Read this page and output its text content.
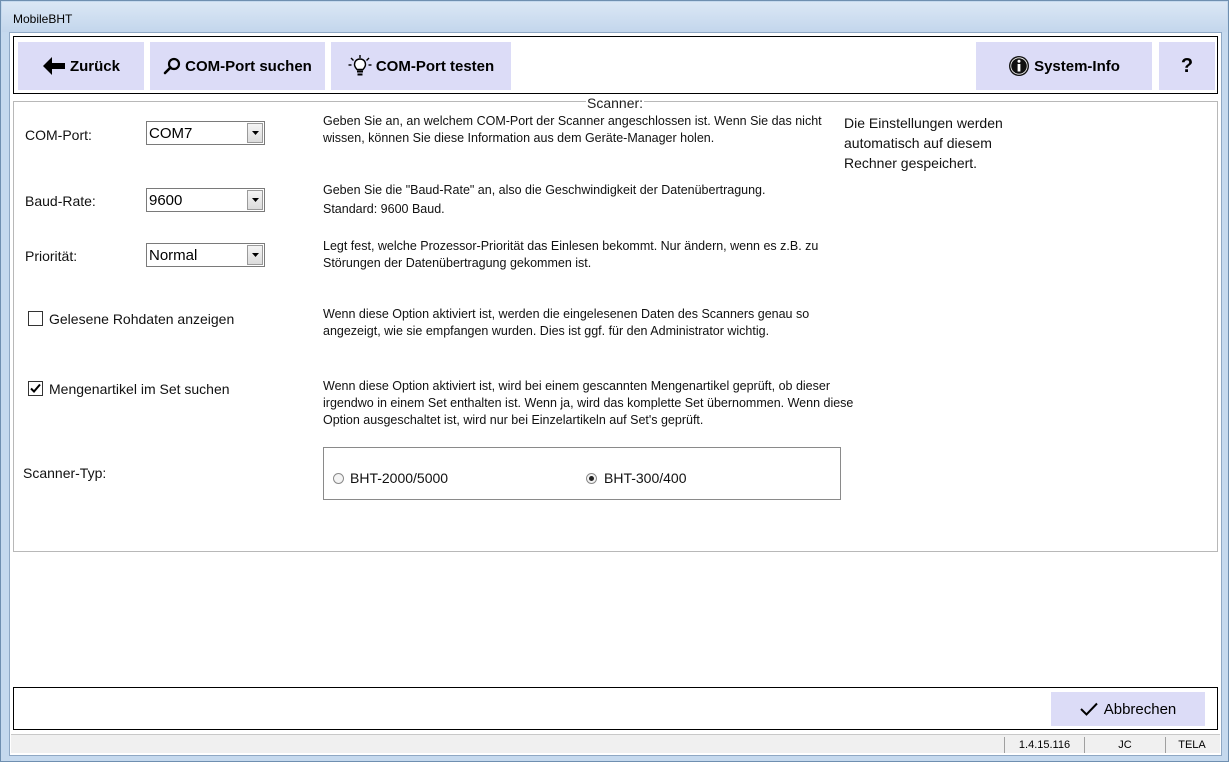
MobileBHT
Zurück	COM-Port suchen	COM-Port testen	System-Info	?
Scanner:
COM-Port:	COM7
Geben Sie an, an welchem COM-Port der Scanner angeschlossen ist. Wenn Sie das nicht wissen, können Sie diese Information aus dem Geräte-Manager holen.
Baud-Rate:	9600
Geben Sie die "Baud-Rate" an, also die Geschwindigkeit der Datenübertragung.
Standard: 9600 Baud.
Priorität:	Normal
Legt fest, welche Prozessor-Priorität das Einlesen bekommt. Nur ändern, wenn es z.B. zu Störungen der Datenübertragung gekommen ist.
Gelesene Rohdaten anzeigen	Wenn diese Option aktiviert ist, werden die eingelesenen Daten des Scanners genau so angezeigt, wie sie empfangen wurden. Dies ist ggf. für den Administrator wichtig.
Mengenartikel im Set suchen	Wenn diese Option aktiviert ist, wird bei einem gescannten Mengenartikel geprüft, ob dieser irgendwo in einem Set enthalten ist. Wenn ja, wird das komplette Set übernommen. Wenn diese Option ausgeschaltet ist, wird nur bei Einzelartikeln auf Set's geprüft.
Scanner-Typ:	BHT-2000/5000	BHT-300/400
Die Einstellungen werden automatisch auf diesem Rechner gespeichert.
Abbrechen
1.4.15.116	JC	TELA
